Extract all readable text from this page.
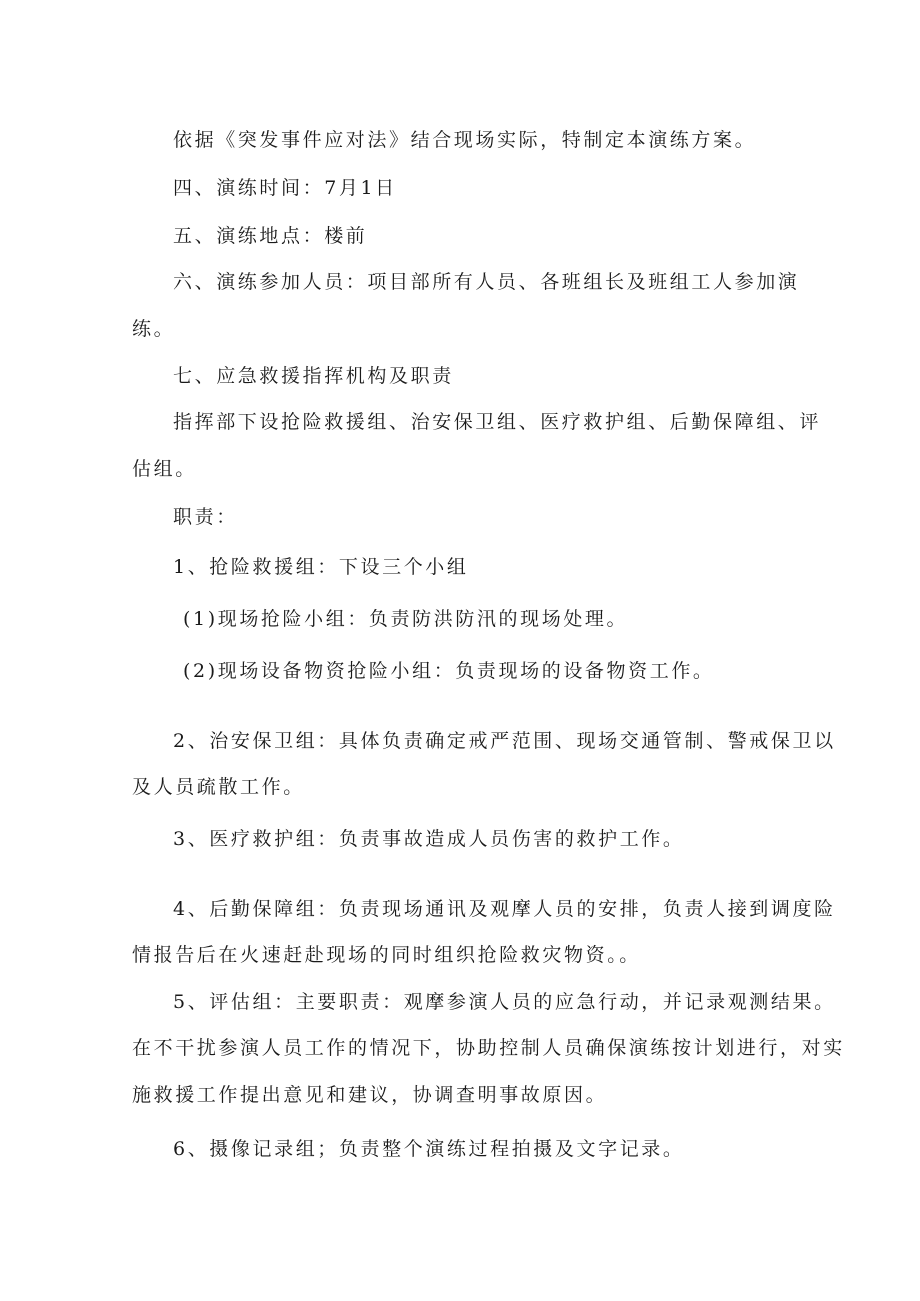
依据《突发事件应对法》结合现场实际，特制定本演练方案。
四、演练时间：7月1日
五、演练地点：楼前
六、演练参加人员：项目部所有人员、各班组长及班组工人参加演
练。
七、应急救援指挥机构及职责
指挥部下设抢险救援组、治安保卫组、医疗救护组、后勤保障组、评
估组。
职责：
1、抢险救援组：下设三个小组
(1)现场抢险小组：负责防洪防汛的现场处理。
(2)现场设备物资抢险小组：负责现场的设备物资工作。
2、治安保卫组：具体负责确定戒严范围、现场交通管制、警戒保卫以
及人员疏散工作。
3、医疗救护组：负责事故造成人员伤害的救护工作。
4、后勤保障组：负责现场通讯及观摩人员的安排，负责人接到调度险
情报告后在火速赶赴现场的同时组织抢险救灾物资。。
5、评估组：主要职责：观摩参演人员的应急行动，并记录观测结果。
在不干扰参演人员工作的情况下，协助控制人员确保演练按计划进行，对实
施救援工作提出意见和建议，协调查明事故原因。
6、摄像记录组；负责整个演练过程拍摄及文字记录。
